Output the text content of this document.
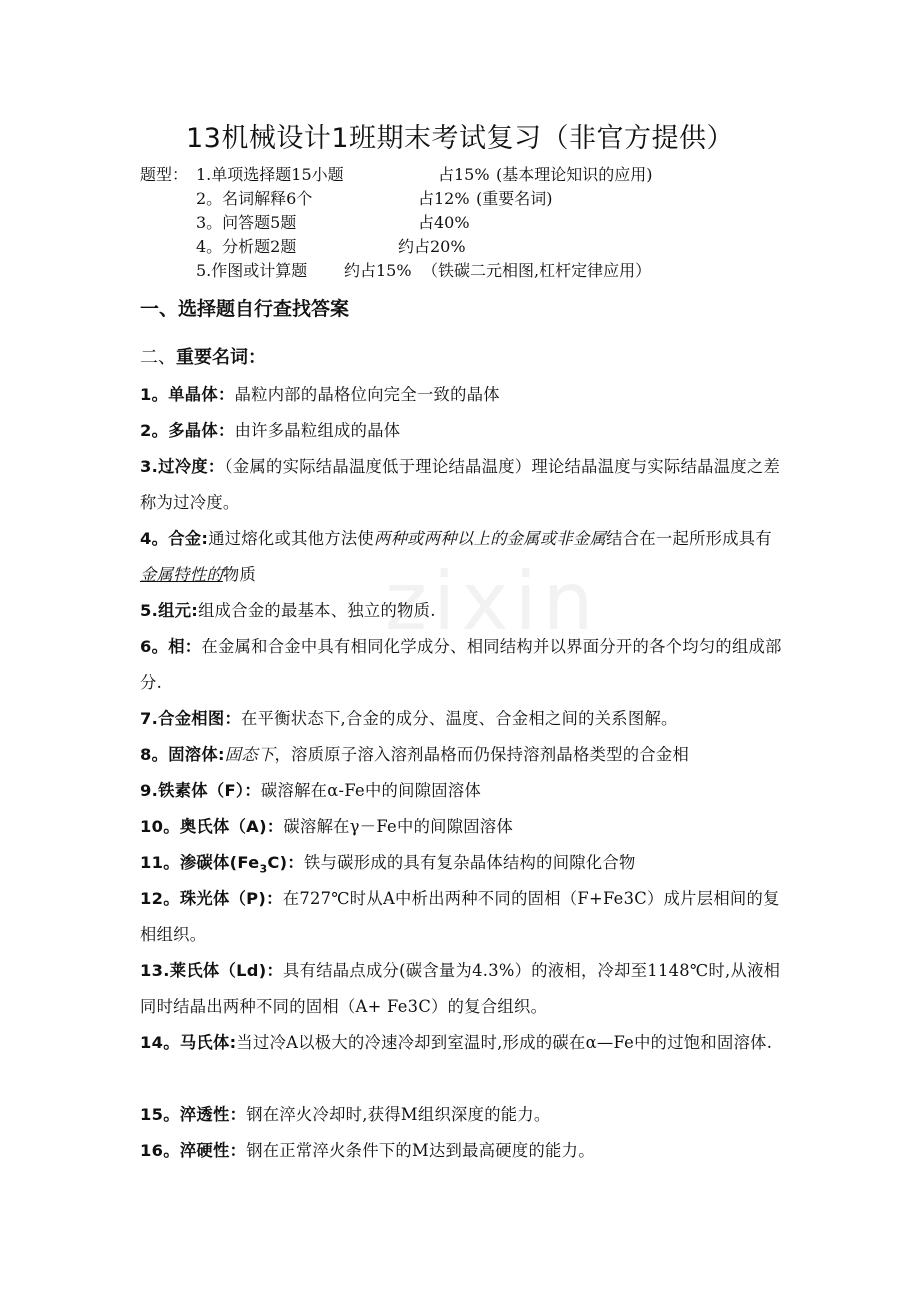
13机械设计1班期末考试复习（非官方提供）
题型： 1.单项选择题15小题	占15% (基本理论知识的应用)
2。名词解释6个	占12% (重要名词)
3。问答题5题	占40%
4。分析题2题	约占20%
5.作图或计算题 约占15% （铁碳二元相图,杠杆定律应用）
一、选择题自行查找答案
二、重要名词：
1。单晶体：晶粒内部的晶格位向完全一致的晶体
2。多晶体：由许多晶粒组成的晶体
3.过冷度：（金属的实际结晶温度低于理论结晶温度）理论结晶温度与实际结晶温度之差称为过冷度。
4。合金:通过熔化或其他方法使两种或两种以上的金属或非金属结合在一起所形成具有金属特性的物质
5.组元:组成合金的最基本、独立的物质.
6。相：在金属和合金中具有相同化学成分、相同结构并以界面分开的各个均匀的组成部分.
7.合金相图：在平衡状态下,合金的成分、温度、合金相之间的关系图解。
8。固溶体:固态下，溶质原子溶入溶剂晶格而仍保持溶剂晶格类型的合金相
9.铁素体（F）：碳溶解在α-Fe中的间隙固溶体
10。奥氏体（A)：碳溶解在γ－Fe中的间隙固溶体
11。渗碳体$(Fe_3C)$：铁与碳形成的具有复杂晶体结构的间隙化合物
12。珠光体（P)：在727℃时从A中析出两种不同的固相（F+Fe3C）成片层相间的复相组织。
13.莱氏体（Ld)：具有结晶点成分(碳含量为4.3%）的液相，冷却至1148℃时,从液相同时结晶出两种不同的固相（A+ Fe3C）的复合组织。
14。马氏体:当过冷A以极大的冷速冷却到室温时,形成的碳在α—Fe中的过饱和固溶体.
15。淬透性：钢在淬火冷却时,获得M组织深度的能力。
16。淬硬性：钢在正常淬火条件下的M达到最高硬度的能力。
zixin
